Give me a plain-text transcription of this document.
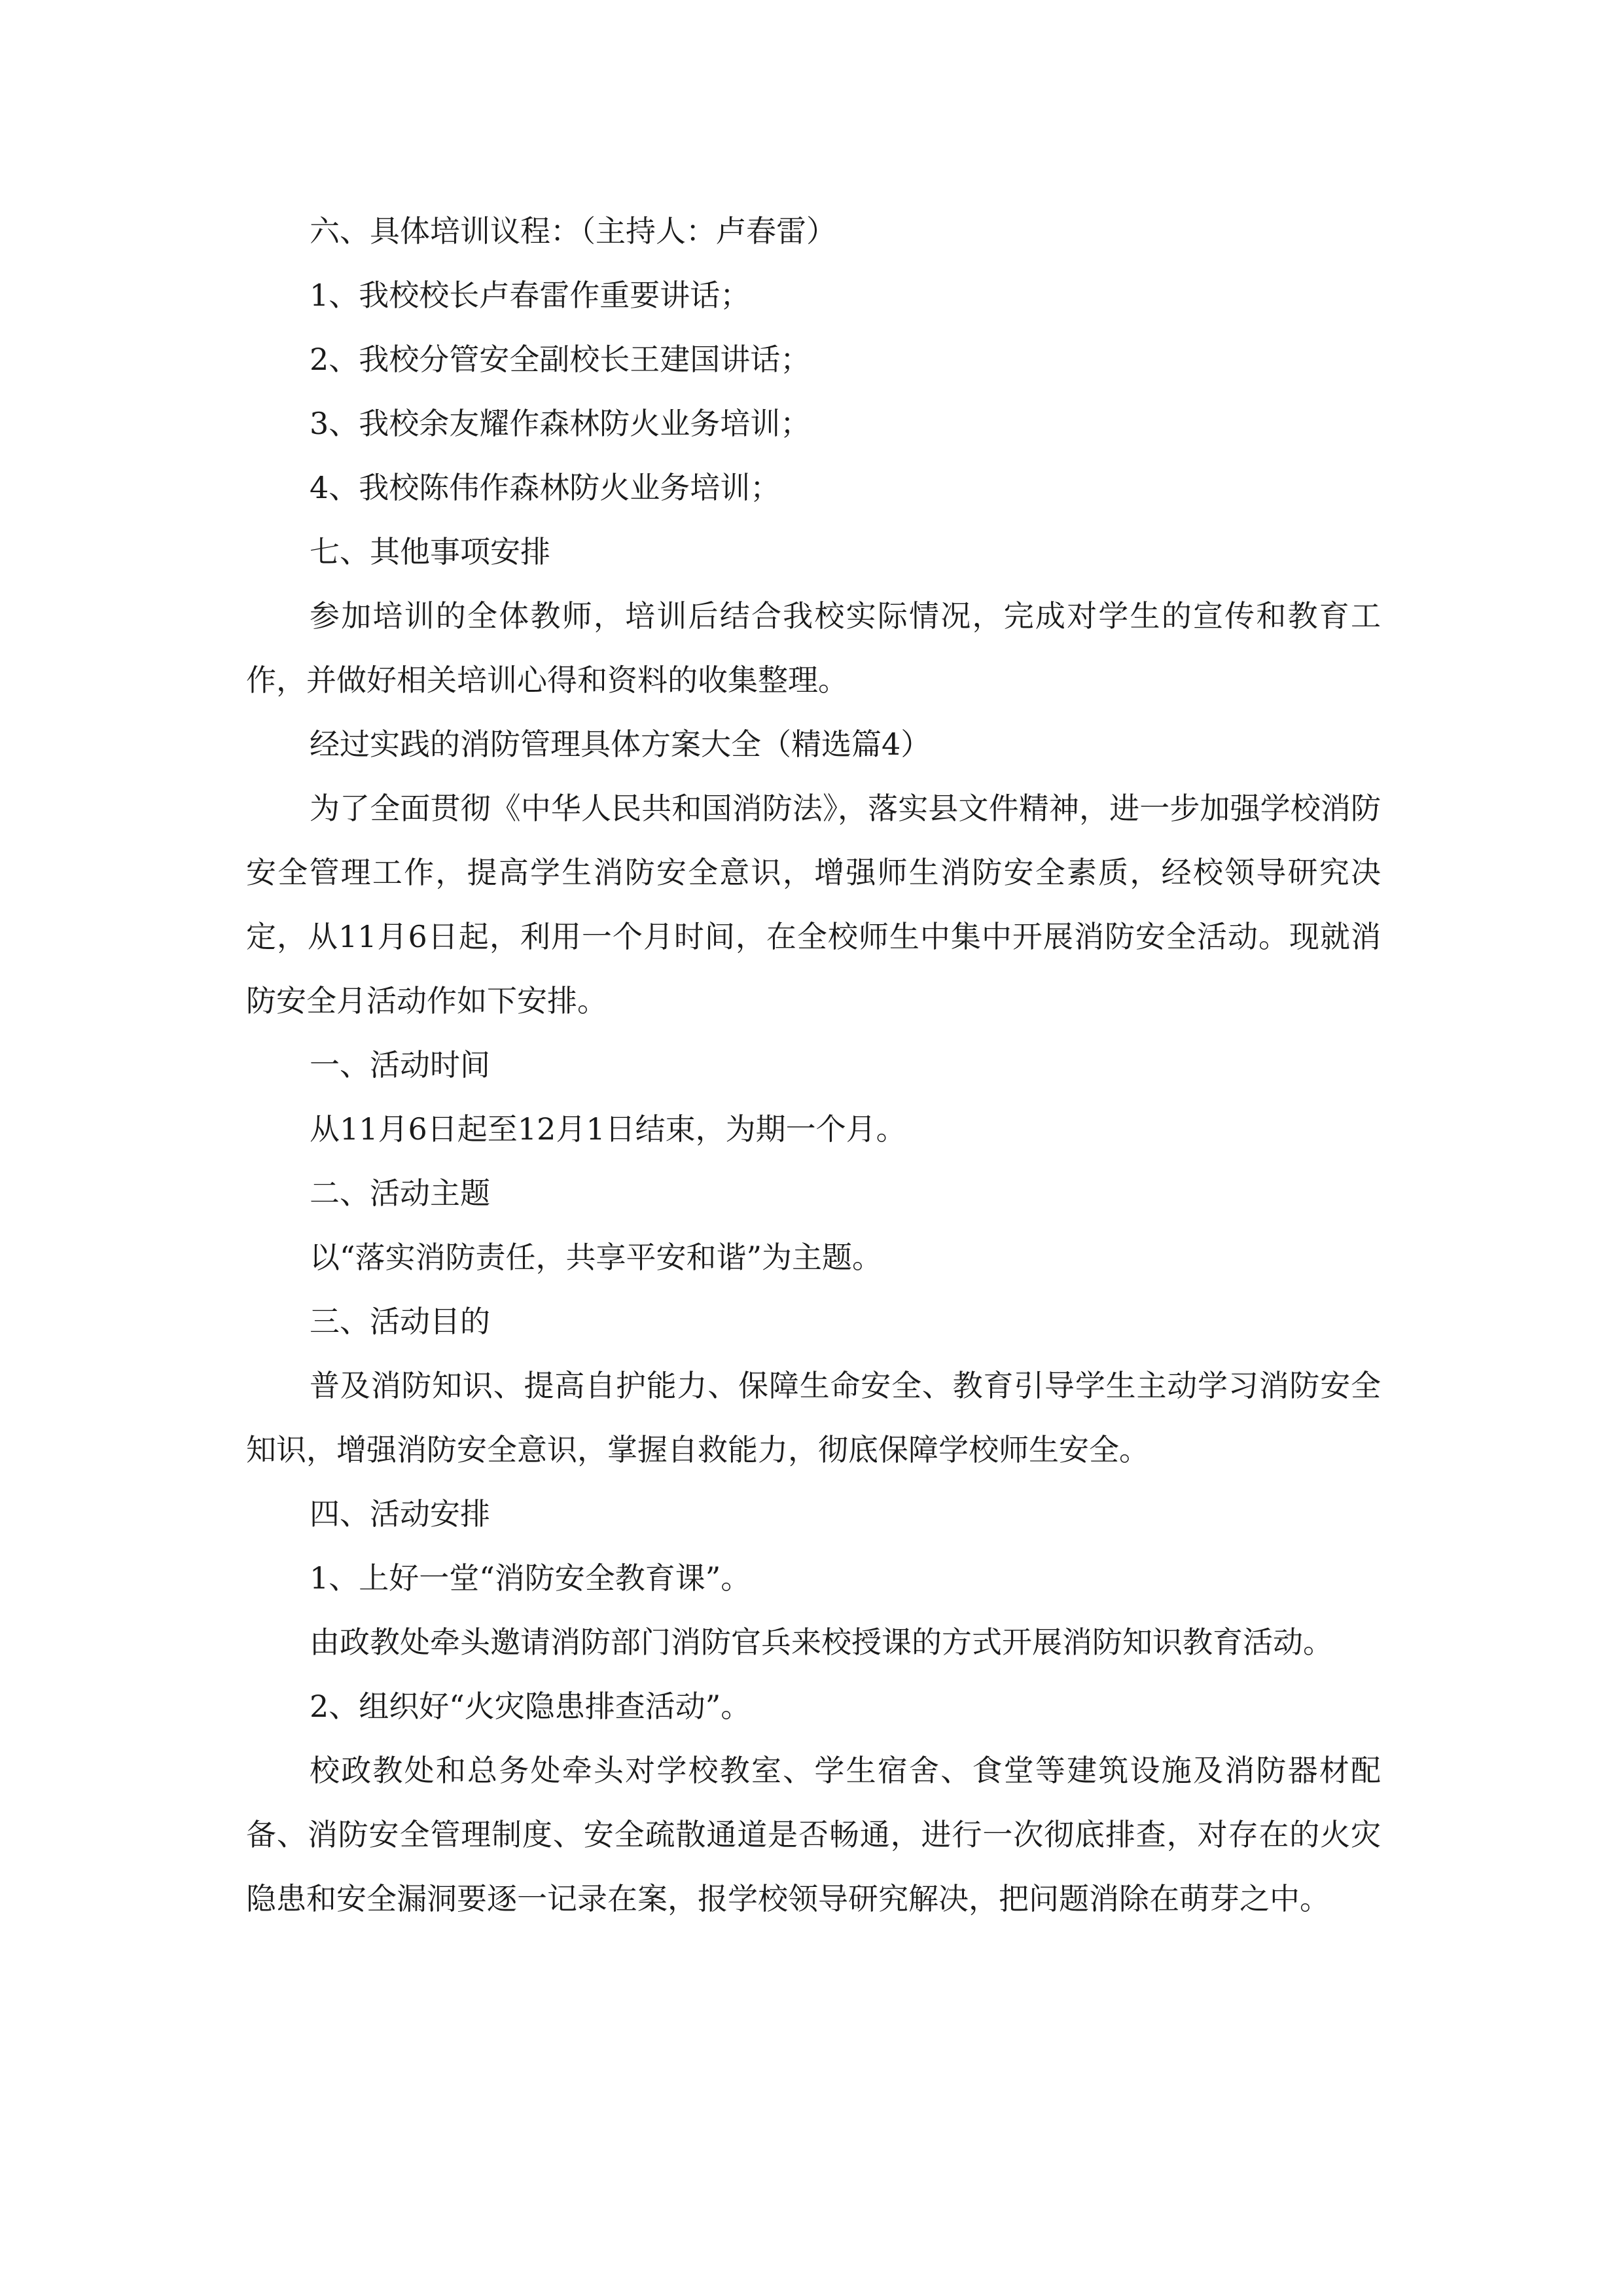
六、具体培训议程：（主持人：卢春雷）

1、我校校长卢春雷作重要讲话；

2、我校分管安全副校长王建国讲话；

3、我校余友耀作森林防火业务培训；

4、我校陈伟作森林防火业务培训；

七、其他事项安排

参加培训的全体教师，培训后结合我校实际情况，完成对学生的宣传和教育工作，并做好相关培训心得和资料的收集整理。

经过实践的消防管理具体方案大全（精选篇4）

为了全面贯彻《中华人民共和国消防法》，落实县文件精神，进一步加强学校消防安全管理工作，提高学生消防安全意识，增强师生消防安全素质，经校领导研究决定，从11月6日起，利用一个月时间，在全校师生中集中开展消防安全活动。现就消防安全月活动作如下安排。

一、活动时间

从11月6日起至12月1日结束，为期一个月。

二、活动主题

以“落实消防责任，共享平安和谐”为主题。

三、活动目的

普及消防知识、提高自护能力、保障生命安全、教育引导学生主动学习消防安全知识，增强消防安全意识，掌握自救能力，彻底保障学校师生安全。

四、活动安排

1、上好一堂“消防安全教育课”。

由政教处牵头邀请消防部门消防官兵来校授课的方式开展消防知识教育活动。

2、组织好“火灾隐患排查活动”。

校政教处和总务处牵头对学校教室、学生宿舍、食堂等建筑设施及消防器材配备、消防安全管理制度、安全疏散通道是否畅通，进行一次彻底排查，对存在的火灾隐患和安全漏洞要逐一记录在案，报学校领导研究解决，把问题消除在萌芽之中。
